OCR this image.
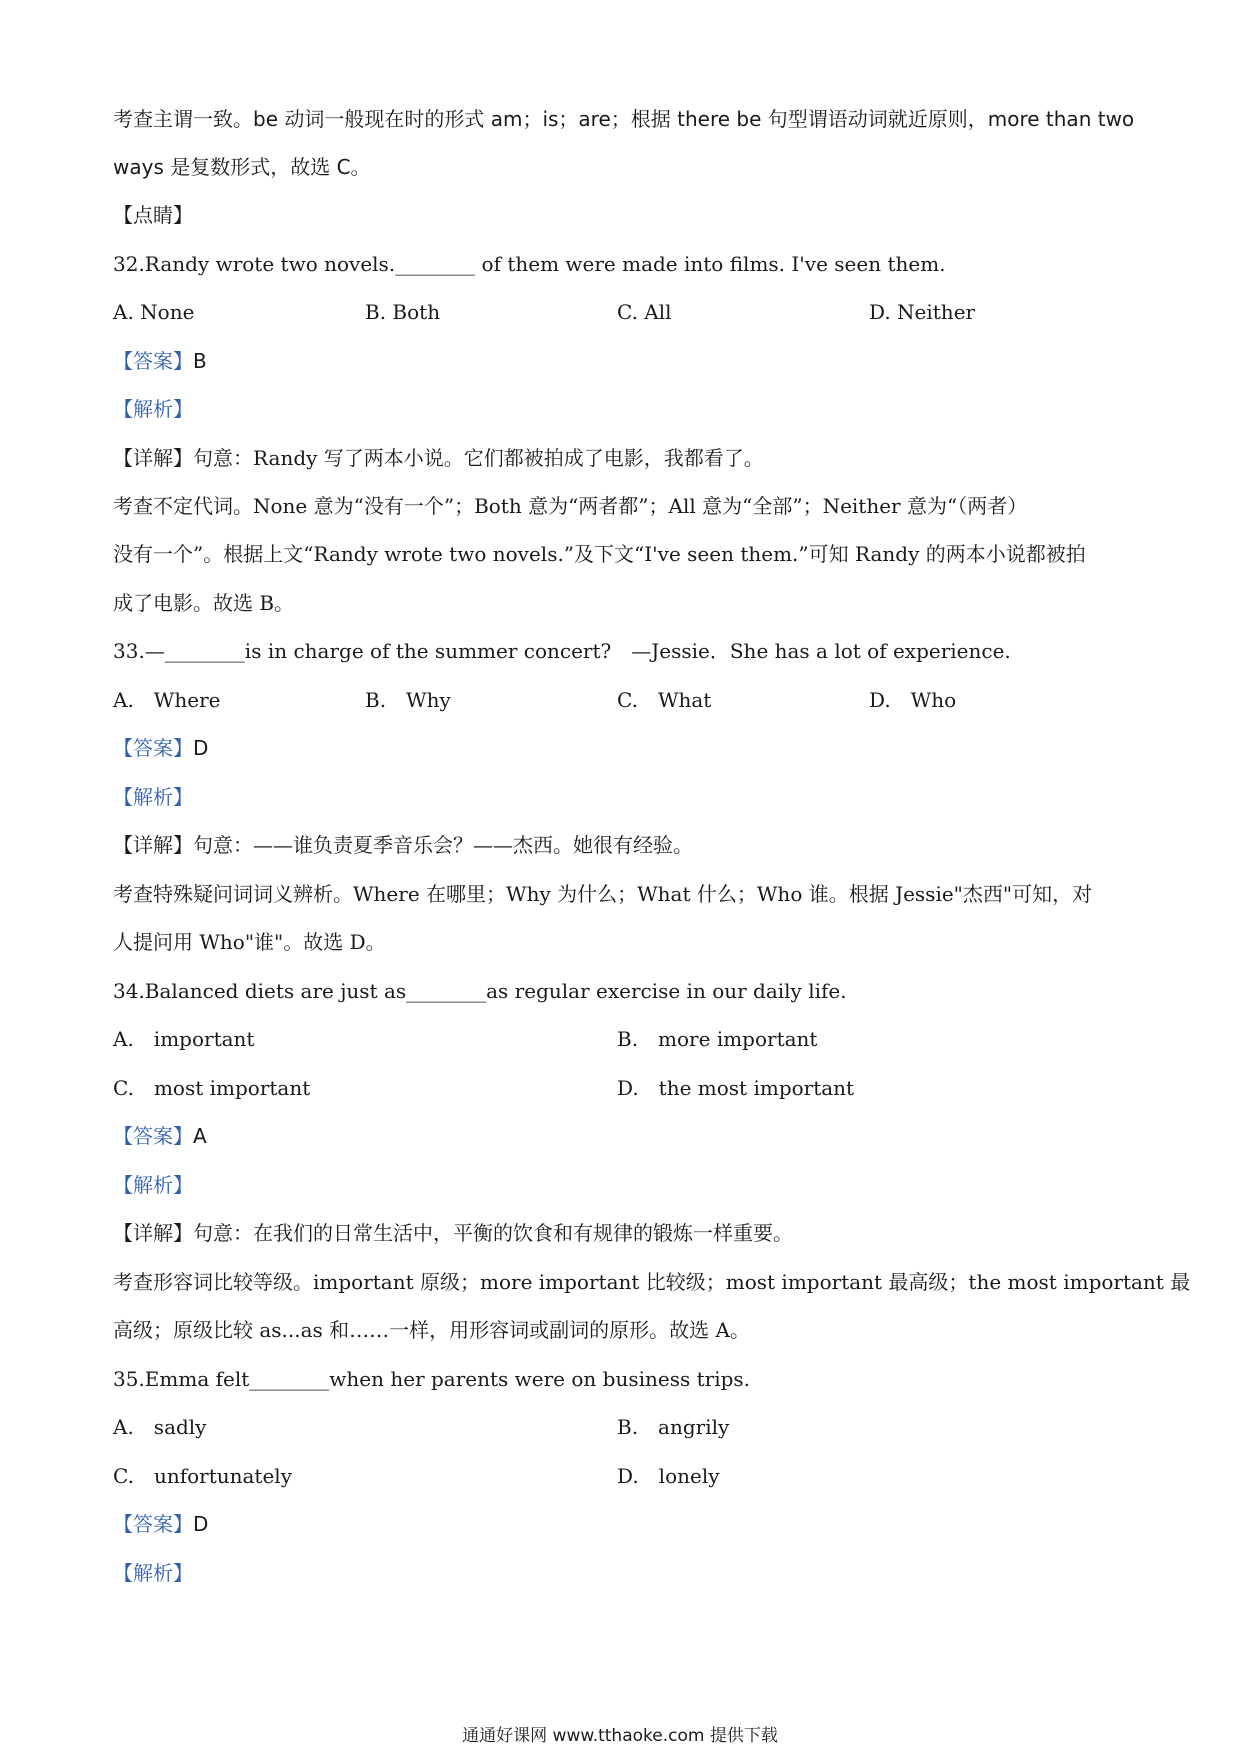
考查主谓一致。be 动词一般现在时的形式 am；is；are；根据 there be 句型谓语动词就近原则，more than two
ways 是复数形式，故选 C。
【点睛】
32.Randy wrote two novels.________ of them were made into films. I've seen them.
A. None	B. Both	C. All	D. Neither
【答案】B
【解析】
【详解】句意：Randy 写了两本小说。它们都被拍成了电影，我都看了。
考查不定代词。None 意为“没有一个”；Both 意为“两者都”；All 意为“全部”；Neither 意为“（两者）
没有一个”。根据上文“Randy wrote two novels.”及下文“I've seen them.”可知 Randy 的两本小说都被拍
成了电影。故选 B。
33.—________is in charge of the summer concert?　—Jessie．She has a lot of experience.
A.　Where	B.　Why	C.　What	D.　Who
【答案】D
【解析】
【详解】句意：——谁负责夏季音乐会？——杰西。她很有经验。
考查特殊疑问词词义辨析。Where 在哪里；Why 为什么；What 什么；Who 谁。根据 Jessie"杰西"可知，对
人提问用 Who"谁"。故选 D。
34.Balanced diets are just as________as regular exercise in our daily life.
A.　important	B.　more important
C.　most important	D.　the most important
【答案】A
【解析】
【详解】句意：在我们的日常生活中，平衡的饮食和有规律的锻炼一样重要。
考查形容词比较等级。important 原级；more important 比较级；most important 最高级；the most important 最
高级；原级比较 as...as 和……一样，用形容词或副词的原形。故选 A。
35.Emma felt________when her parents were on business trips.
A.　sadly	B.　angrily
C.　unfortunately	D.　lonely
【答案】D
【解析】
通通好课网 www.tthaoke.com 提供下载
